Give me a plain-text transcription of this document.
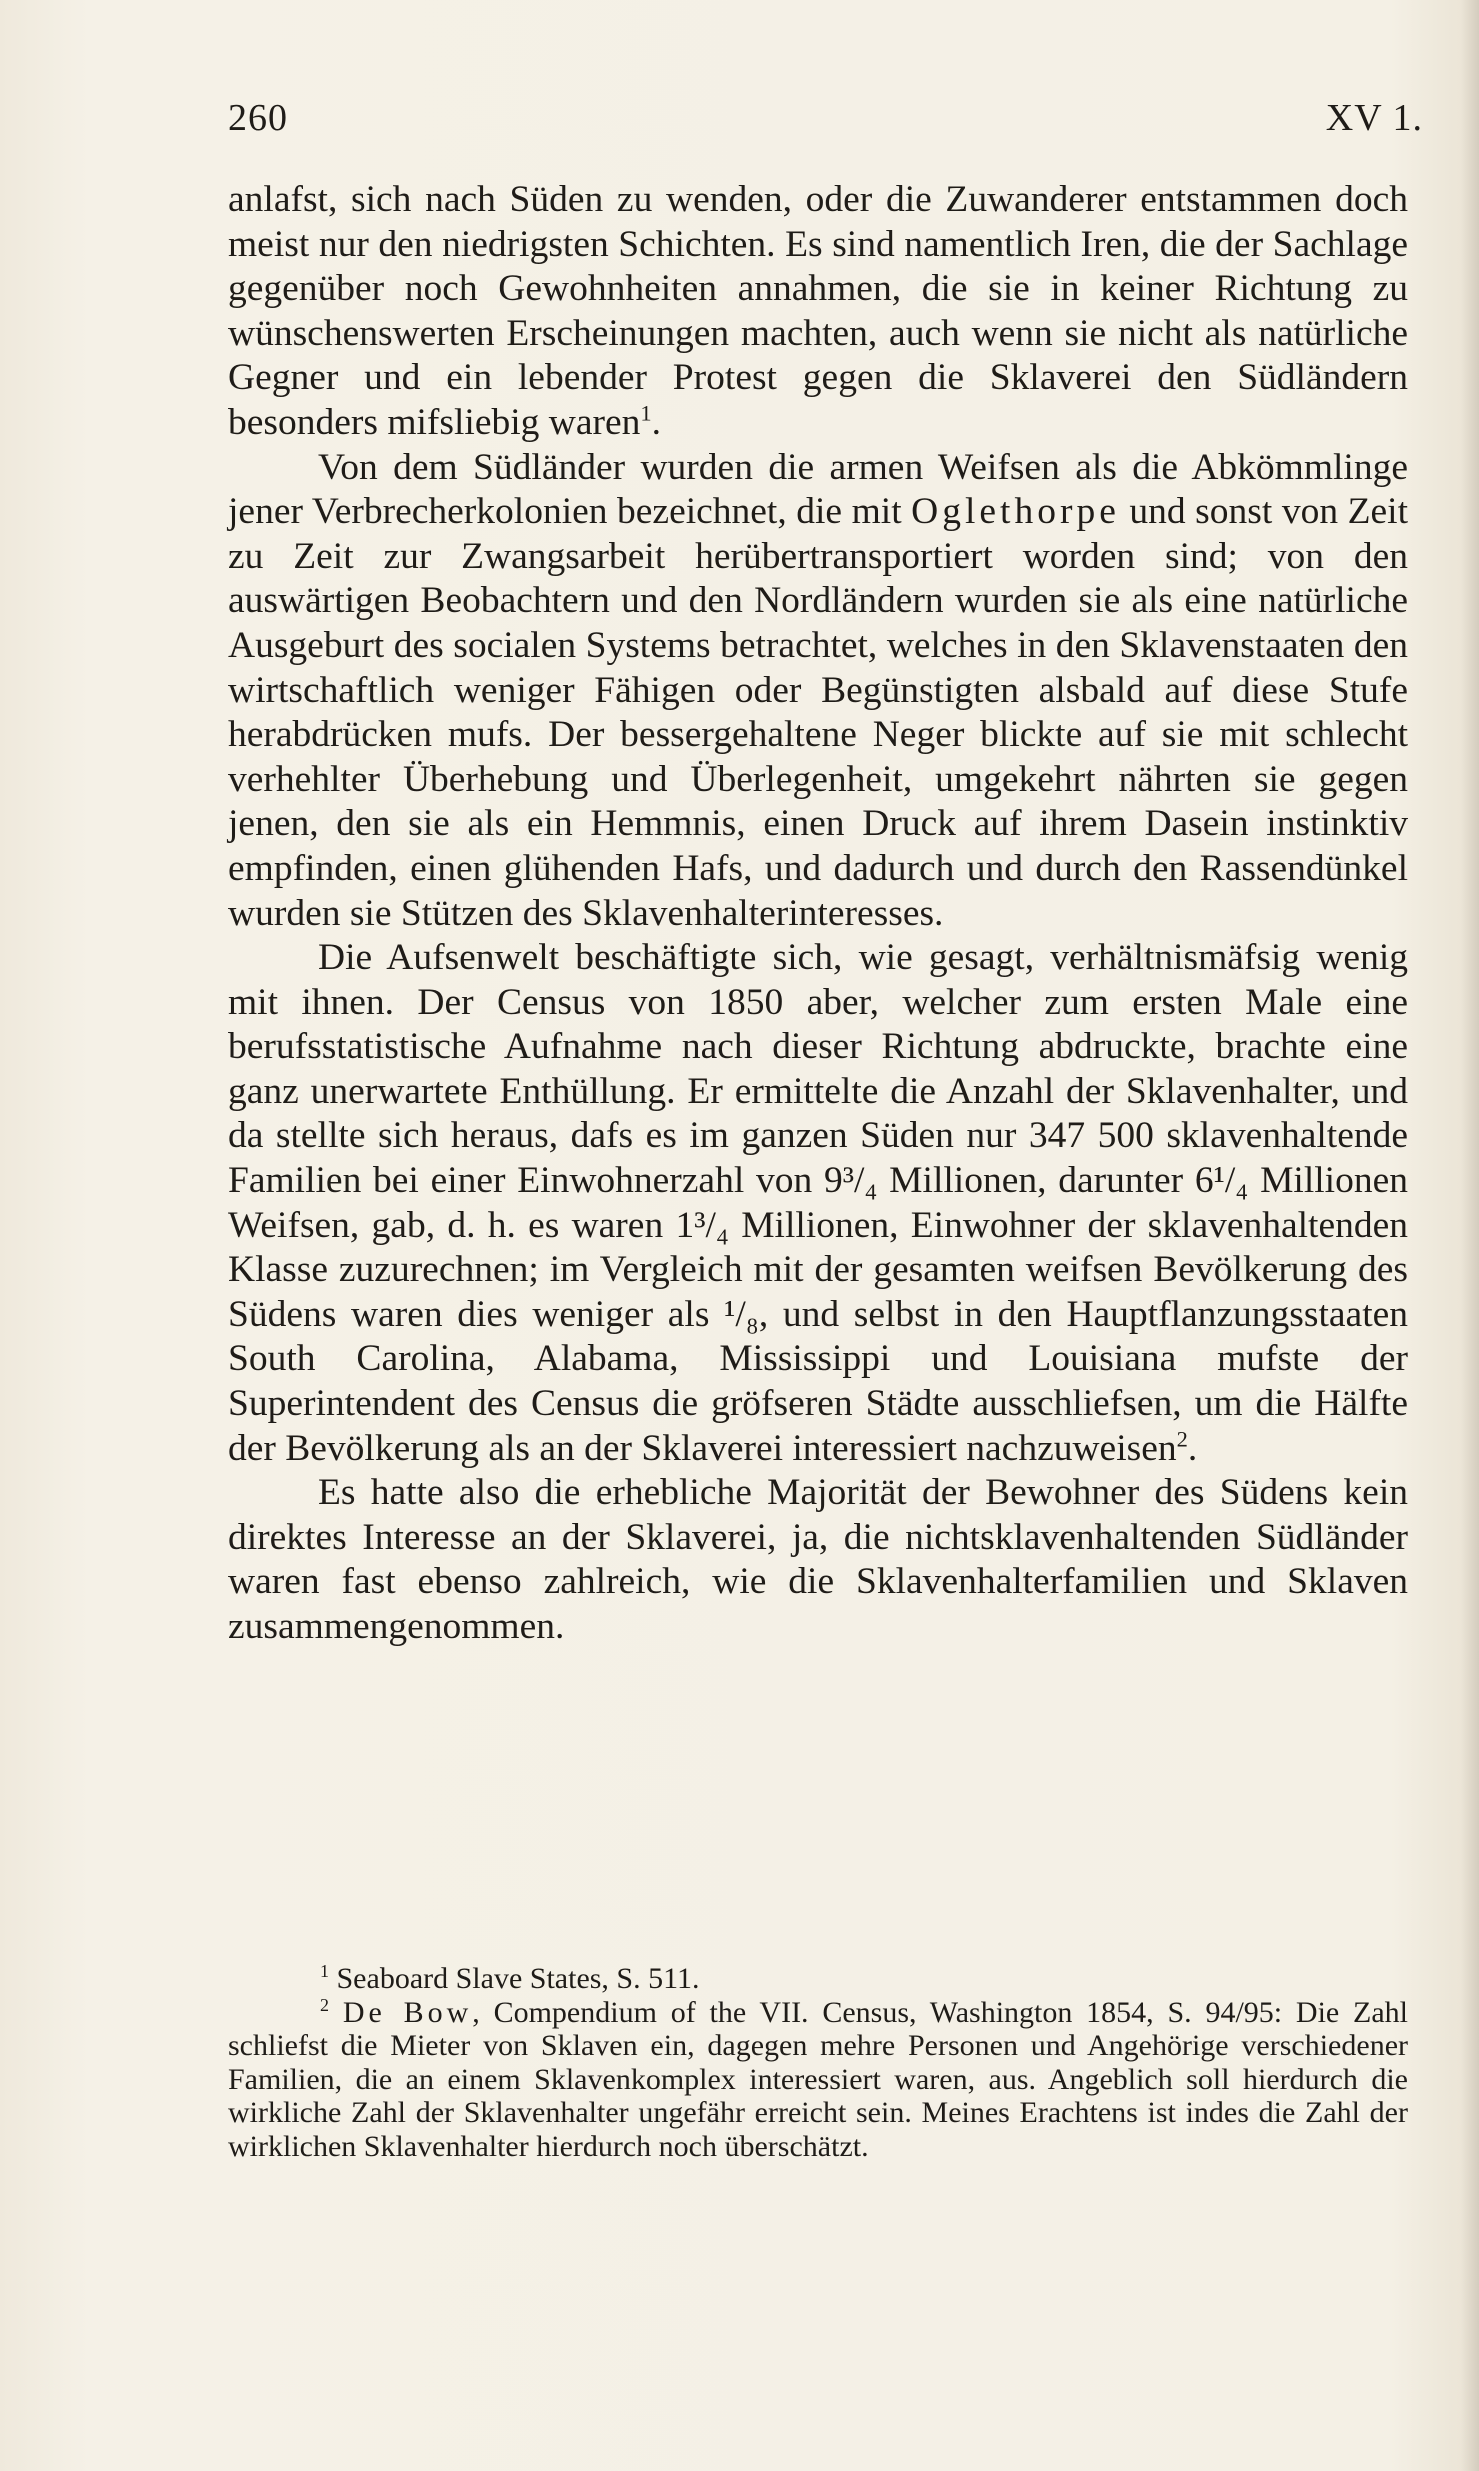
260	XV 1.

anlafst, sich nach Süden zu wenden, oder die Zuwanderer entstammen doch meist nur den niedrigsten Schichten. Es sind namentlich Iren, die der Sachlage gegenüber noch Gewohnheiten annahmen, die sie in keiner Richtung zu wünschenswerten Erscheinungen machten, auch wenn sie nicht als natürliche Gegner und ein lebender Protest gegen die Sklaverei den Südländern besonders mifsliebig waren$^1$.

Von dem Südländer wurden die armen Weifsen als die Abkömmlinge jener Verbrecherkolonien bezeichnet, die mit Oglethorpe und sonst von Zeit zu Zeit zur Zwangsarbeit herübertransportiert worden sind; von den auswärtigen Beobachtern und den Nordländern wurden sie als eine natürliche Ausgeburt des socialen Systems betrachtet, welches in den Sklavenstaaten den wirtschaftlich weniger Fähigen oder Begünstigten alsbald auf diese Stufe herabdrücken mufs. Der bessergehaltene Neger blickte auf sie mit schlecht verhehlter Überhebung und Überlegenheit, umgekehrt nährten sie gegen jenen, den sie als ein Hemmnis, einen Druck auf ihrem Dasein instinktiv empfinden, einen glühenden Hafs, und dadurch und durch den Rassendünkel wurden sie Stützen des Sklavenhalterinteresses.

Die Aufsenwelt beschäftigte sich, wie gesagt, verhältnismäfsig wenig mit ihnen. Der Census von 1850 aber, welcher zum ersten Male eine berufsstatistische Aufnahme nach dieser Richtung abdruckte, brachte eine ganz unerwartete Enthüllung. Er ermittelte die Anzahl der Sklavenhalter, und da stellte sich heraus, dafs es im ganzen Süden nur 347 500 sklavenhaltende Familien bei einer Einwohnerzahl von 9³/₄ Millionen, darunter 6¹/₄ Millionen Weifsen, gab, d. h. es waren 1³/₄ Millionen, Einwohner der sklavenhaltenden Klasse zuzurechnen; im Vergleich mit der gesamten weifsen Bevölkerung des Südens waren dies weniger als ¹/₈, und selbst in den Hauptflanzungsstaaten South Carolina, Alabama, Mississippi und Louisiana mufste der Superintendent des Census die gröfseren Städte ausschliefsen, um die Hälfte der Bevölkerung als an der Sklaverei interessiert nachzuweisen$^2$.

Es hatte also die erhebliche Majorität der Bewohner des Südens kein direktes Interesse an der Sklaverei, ja, die nichtsklavenhaltenden Südländer waren fast ebenso zahlreich, wie die Sklavenhalterfamilien und Sklaven zusammengenommen.

$^1$ Seaboard Slave States, S. 511.

$^2$ De Bow, Compendium of the VII. Census, Washington 1854, S. 94/95: Die Zahl schliefst die Mieter von Sklaven ein, dagegen mehre Personen und Angehörige verschiedener Familien, die an einem Sklavenkomplex interessiert waren, aus. Angeblich soll hierdurch die wirkliche Zahl der Sklavenhalter ungefähr erreicht sein. Meines Erachtens ist indes die Zahl der wirklichen Sklavenhalter hierdurch noch überschätzt.
